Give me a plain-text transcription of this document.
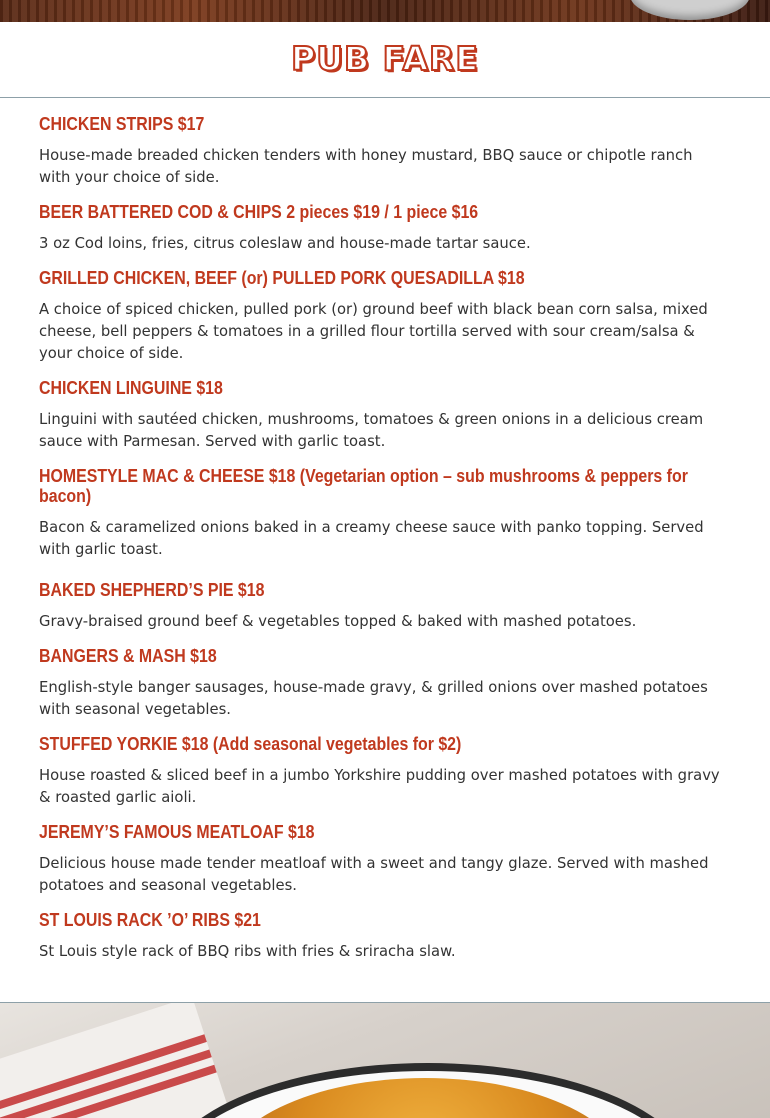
PUB FARE
CHICKEN STRIPS $17
House-made breaded chicken tenders with honey mustard, BBQ sauce or chipotle ranch with your choice of side.
BEER BATTERED COD & CHIPS 2 pieces $19 / 1 piece $16
3 oz Cod loins, fries, citrus coleslaw and house-made tartar sauce.
GRILLED CHICKEN, BEEF (or) PULLED PORK QUESADILLA $18
A choice of spiced chicken, pulled pork (or) ground beef with black bean corn salsa, mixed cheese, bell peppers & tomatoes in a grilled flour tortilla served with sour cream/salsa & your choice of side.
CHICKEN LINGUINE $18
Linguini with sautéed chicken, mushrooms, tomatoes & green onions in a delicious cream sauce with Parmesan. Served with garlic toast.
HOMESTYLE MAC & CHEESE $18 (Vegetarian option – sub mushrooms & peppers for bacon)
Bacon & caramelized onions baked in a creamy cheese sauce with panko topping. Served with garlic toast.
BAKED SHEPHERD’S PIE $18
Gravy-braised ground beef & vegetables topped & baked with mashed potatoes.
BANGERS & MASH $18
English-style banger sausages, house-made gravy, & grilled onions over mashed potatoes with seasonal vegetables.
STUFFED YORKIE $18 (Add seasonal vegetables for $2)
House roasted & sliced beef in a jumbo Yorkshire pudding over mashed potatoes with gravy & roasted garlic aioli.
JEREMY’S FAMOUS MEATLOAF $18
Delicious house made tender meatloaf with a sweet and tangy glaze. Served with mashed potatoes and seasonal vegetables.
ST LOUIS RACK ’O’ RIBS $21
St Louis style rack of BBQ ribs with fries & sriracha slaw.
